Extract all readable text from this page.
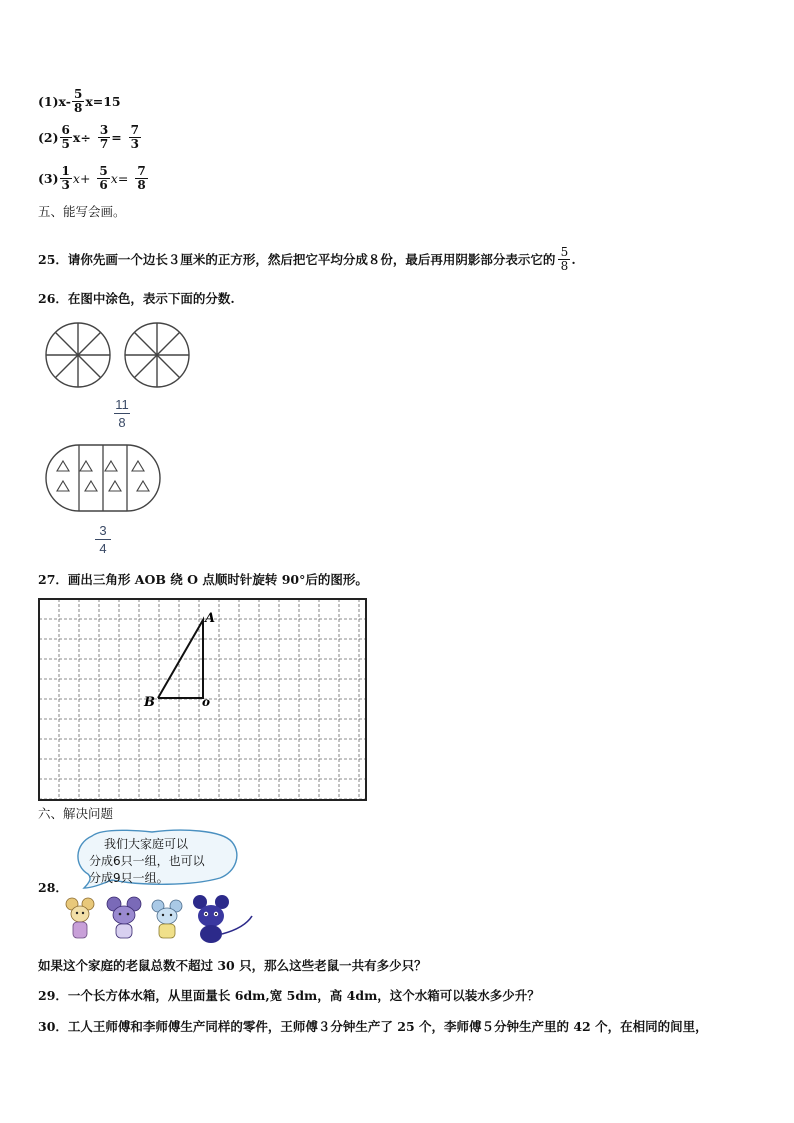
$(1)x- \frac{5}{8} x=15$
$(2) \frac{6}{5} x\div \frac{3}{7} = \frac{7}{3}$
$(3) \frac{1}{3} x+ \frac{5}{6} x= \frac{7}{8}$
五、能写会画。
25．请你先画一个边长３厘米的正方形，然后把它平均分成８份，最后再用阴影部分表示它的 $\frac{5}{8}$ .
26．在图中涂色，表示下面的分数.
11
8
3
4
27．画出三角形 AOB 绕 O 点顺时针旋转 90°后的图形。
A
B	o
六、解决问题
我们大家庭可以
分成6只一组，也可以
分成9只一组。
28．
如果这个家庭的老鼠总数不超过 30 只，那么这些老鼠一共有多少只？
29．一个长方体水箱，从里面量长 6dm,宽 5dm，高 4dm，这个水箱可以装水多少升？
30．工人王师傅和李师傅生产同样的零件，王师傅３分钟生产了 25 个，李师傅５分钟生产里的 42 个，在相同的间里，
